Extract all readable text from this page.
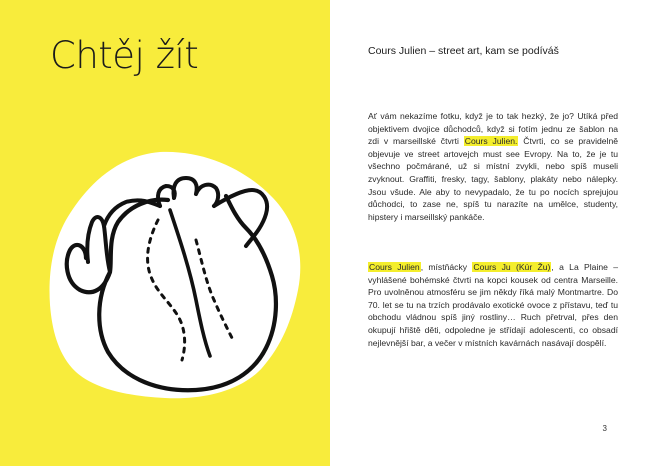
Chtěj žít	Cours Julien – street art, kam se podíváš

Ať vám nekazíme fotku, když je to tak hezký, že jo? Utíká před objektivem dvojice důchodců, když si fotím jednu ze šablon na zdi v marseillské čtvrti Cours Julien. Čtvrti, co se pravidelně objevuje ve street artovejch must see Evropy. Na to, že je tu všechno počmárané, už si místní zvykli, nebo spíš museli zvyknout. Graffiti, fresky, tagy, šablony, plakáty nebo nálepky. Jsou všude. Ale aby to nevypadalo, že tu po nocích sprejujou důchodci, to zase ne, spíš tu narazíte na umělce, studenty, hipstery i marseillský pankáče.

Cours Julien, místňácky Cours Ju (Kúr Žu), a La Plaine – vyhlášené bohémské čtvrti na kopci kousek od centra Marseille. Pro uvolněnou atmosféru se jim někdy říká malý Montmartre. Do 70. let se tu na trzích prodávalo exotické ovoce z přístavu, teď tu obchodu vládnou spíš jiný rostliny… Ruch přetrval, přes den okupují hřiště děti, odpoledne je střídají adolescenti, co obsadí nejlevnější bar, a večer v místních kavárnách nasávají dospělí.

3
